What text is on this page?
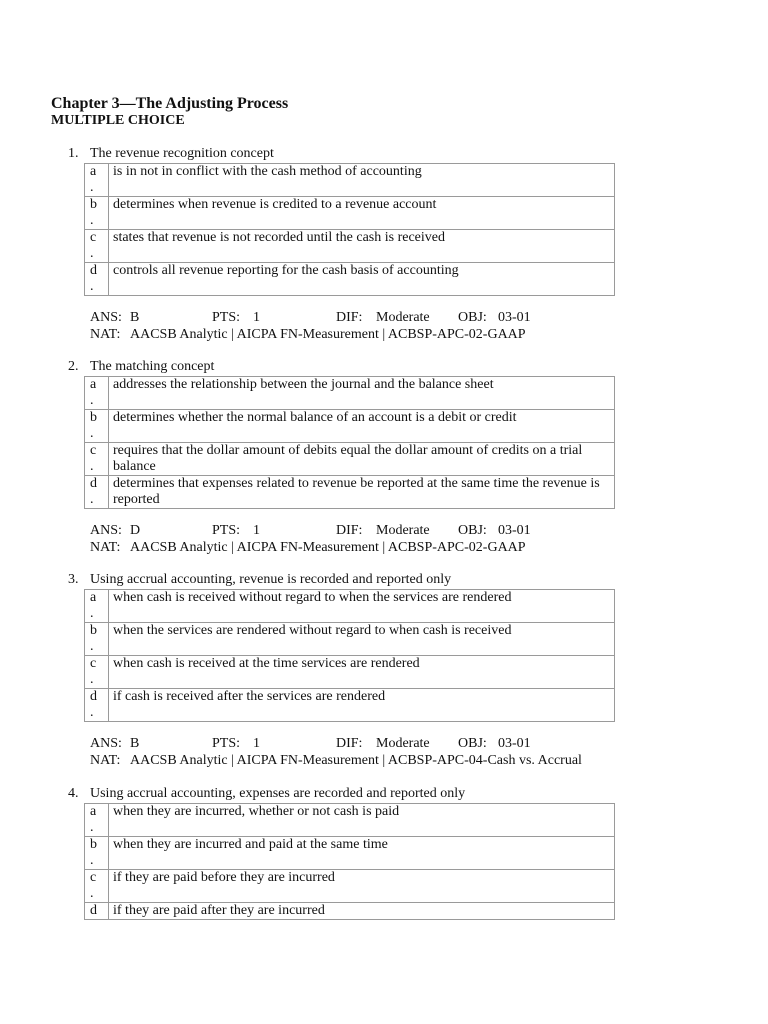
Chapter 3—The Adjusting Process
MULTIPLE CHOICE
1. The revenue recognition concept
a
.	is in not in conflict with the cash method of accounting
b
.	determines when revenue is credited to a revenue account
c
.	states that revenue is not recorded until the cash is received
d
.	controls all revenue reporting for the cash basis of accounting
ANS: B	PTS: 1	DIF: Moderate OBJ: 03-01
NAT: AACSB Analytic | AICPA FN-Measurement | ACBSP-APC-02-GAAP
2. The matching concept
a
.	addresses the relationship between the journal and the balance sheet
b
.	determines whether the normal balance of an account is a debit or credit
c
.	requires that the dollar amount of debits equal the dollar amount of credits on a trial balance
d
.	determines that expenses related to revenue be reported at the same time the revenue is reported
ANS: D	PTS: 1	DIF: Moderate OBJ: 03-01
NAT: AACSB Analytic | AICPA FN-Measurement | ACBSP-APC-02-GAAP
3. Using accrual accounting, revenue is recorded and reported only
a
.	when cash is received without regard to when the services are rendered
b
.	when the services are rendered without regard to when cash is received
c
.	when cash is received at the time services are rendered
d
.	if cash is received after the services are rendered
ANS: B	PTS: 1	DIF: Moderate OBJ: 03-01
NAT: AACSB Analytic | AICPA FN-Measurement | ACBSP-APC-04-Cash vs. Accrual
4. Using accrual accounting, expenses are recorded and reported only
a
.	when they are incurred, whether or not cash is paid
b
.	when they are incurred and paid at the same time
c
.	if they are paid before they are incurred
d	if they are paid after they are incurred
